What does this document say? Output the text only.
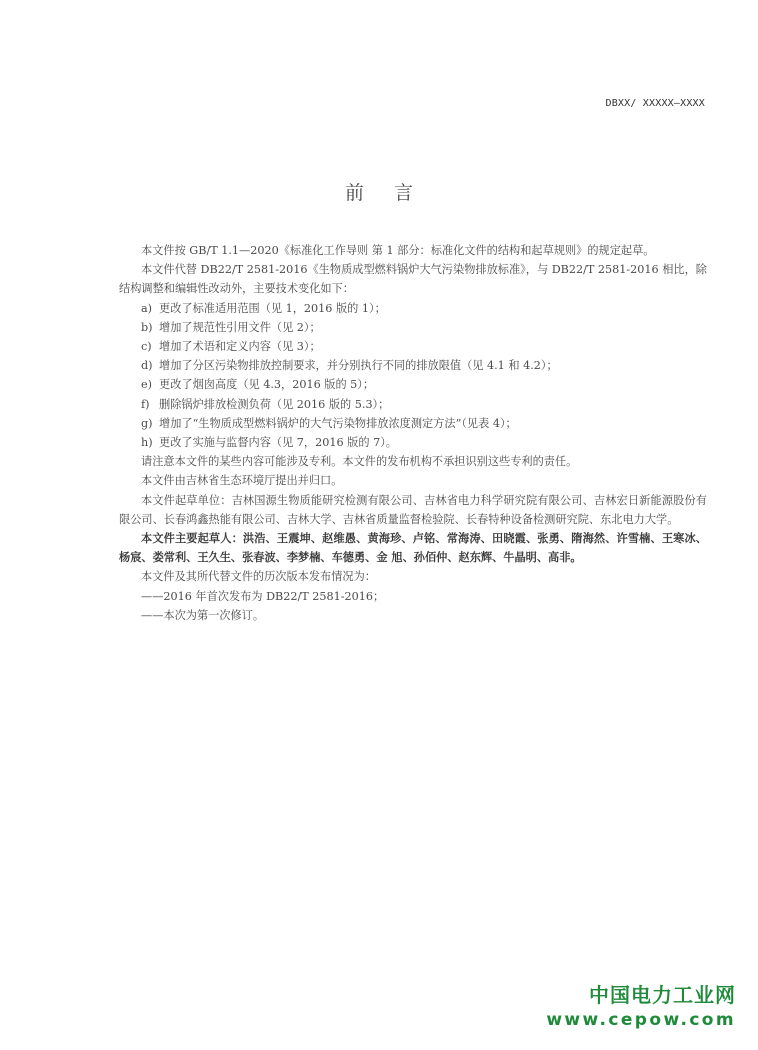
DBXX/ XXXXX—XXXX
前言

本文件按 GB/T 1.1—2020《标准化工作导则 第 1 部分：标准化文件的结构和起草规则》的规定起草。

本文件代替 DB22/T 2581-2016《生物质成型燃料锅炉大气污染物排放标准》，与 DB22/T 2581-2016 相比，除结构调整和编辑性改动外，主要技术变化如下：

a) 更改了标准适用范围（见 1，2016 版的 1）；

b) 增加了规范性引用文件（见 2）；

c) 增加了术语和定义内容（见 3）；

d) 增加了分区污染物排放控制要求，并分别执行不同的排放限值（见 4.1 和 4.2）；

e) 更改了烟囱高度（见 4.3，2016 版的 5）；

f) 删除锅炉排放检测负荷（见 2016 版的 5.3）；

g) 增加了“生物质成型燃料锅炉的大气污染物排放浓度测定方法”（见表 4）；

h) 更改了实施与监督内容（见 7，2016 版的 7）。

请注意本文件的某些内容可能涉及专利。本文件的发布机构不承担识别这些专利的责任。

本文件由吉林省生态环境厅提出并归口。

本文件起草单位：吉林国源生物质能研究检测有限公司、吉林省电力科学研究院有限公司、吉林宏日新能源股份有限公司、长春鸿鑫热能有限公司、吉林大学、吉林省质量监督检验院、长春特种设备检测研究院、东北电力大学。

本文件主要起草人：洪浩、王震坤、赵维愚、黄海珍、卢铭、常海涛、田晓霞、张勇、隋海然、许雪楠、王寒冰、杨宸、娄常利、王久生、张春波、李梦楠、车德勇、金 旭、孙佰仲、赵东辉、牛晶明、高非。

本文件及其所代替文件的历次版本发布情况为：

——2016 年首次发布为 DB22/T 2581-2016；

——本次为第一次修订。

中国电力工业网
www.cepow.com
